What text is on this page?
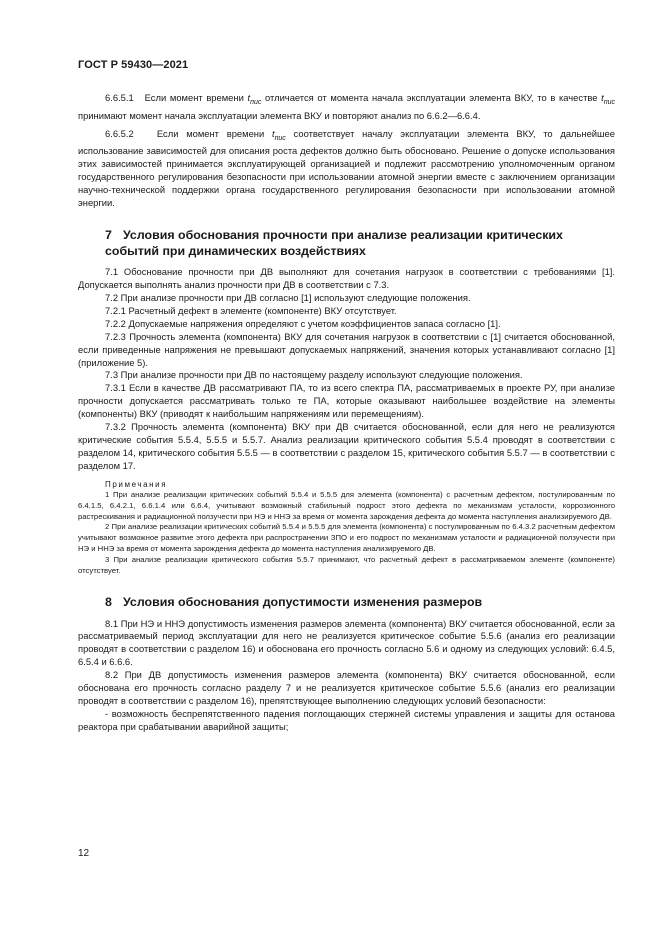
ГОСТ Р 59430—2021

6.6.5.1   Если момент времени $t_{пис}$ отличается от момента начала эксплуатации элемента ВКУ, то в качестве $t_{пис}$ принимают момент начала эксплуатации элемента ВКУ и повторяют анализ по 6.6.2—6.6.4.

6.6.5.2   Если момент времени $t_{пис}$ соответствует началу эксплуатации элемента ВКУ, то дальнейшее использование зависимостей для описания роста дефектов должно быть обосновано. Решение о допуске использования этих зависимостей принимается эксплуатирующей организацией и подлежит рассмотрению уполномоченным органом государственного регулирования безопасности при использовании атомной энергии вместе с заключением организации научно-технической поддержки органа государственного регулирования безопасности при использовании атомной энергии.

7 Условия обоснования прочности при анализе реализации критических событий при динамических воздействиях

7.1 Обоснование прочности при ДВ выполняют для сочетания нагрузок в соответствии с требованиями [1]. Допускается выполнять анализ прочности при ДВ в соответствии с 7.3.

7.2 При анализе прочности при ДВ согласно [1] используют следующие положения.

7.2.1 Расчетный дефект в элементе (компоненте) ВКУ отсутствует.

7.2.2 Допускаемые напряжения определяют с учетом коэффициентов запаса согласно [1].

7.2.3 Прочность элемента (компонента) ВКУ для сочетания нагрузок в соответствии с [1] считается обоснованной, если приведенные напряжения не превышают допускаемых напряжений, значения которых устанавливают согласно [1] (приложение 5).

7.3 При анализе прочности при ДВ по настоящему разделу используют следующие положения.

7.3.1 Если в качестве ДВ рассматривают ПА, то из всего спектра ПА, рассматриваемых в проекте РУ, при анализе прочности допускается рассматривать только те ПА, которые оказывают наибольшее воздействие на элементы (компоненты) ВКУ (приводят к наибольшим напряжениям или перемещениям).

7.3.2 Прочность элемента (компонента) ВКУ при ДВ считается обоснованной, если для него не реализуются критические события 5.5.4, 5.5.5 и 5.5.7. Анализ реализации критического события 5.5.4 проводят в соответствии с разделом 14, критического события 5.5.5 — в соответствии с разделом 15, критического события 5.5.7 — в соответствии с разделом 17.

Примечания

1 При анализе реализации критических событий 5.5.4 и 5.5.5 для элемента (компонента) с расчетным дефектом, постулированным по 6.4.1.5, 6.4.2.1, 6.6.1.4 или 6.6.4, учитывают возможный стабильный подрост этого дефекта по механизмам усталости, коррозионного растрескивания и радиационной ползучести при НЭ и ННЭ за время от момента зарождения дефекта до момента наступления анализируемого ДВ.

2 При анализе реализации критических событий 5.5.4 и 5.5.5 для элемента (компонента) с постулированным по 6.4.3.2 расчетным дефектом учитывают возможное развитие этого дефекта при распространении ЗПО и его подрост по механизмам усталости и радиационной ползучести при НЭ и ННЭ за время от момента зарождения дефекта до момента наступления анализируемого ДВ.

3 При анализе реализации критического события 5.5.7 принимают, что расчетный дефект в рассматриваемом элементе (компоненте) отсутствует.

8 Условия обоснования допустимости изменения размеров

8.1 При НЭ и ННЭ допустимость изменения размеров элемента (компонента) ВКУ считается обоснованной, если за рассматриваемый период эксплуатации для него не реализуется критическое событие 5.5.6 (анализ его реализации проводят в соответствии с разделом 16) и обоснована его прочность согласно 5.6 и одному из следующих условий: 6.4.5, 6.5.4 и 6.6.6.

8.2 При ДВ допустимость изменения размеров элемента (компонента) ВКУ считается обоснованной, если обоснована его прочность согласно разделу 7 и не реализуется критическое событие 5.5.6 (анализ его реализации проводят в соответствии с разделом 16), препятствующее выполнению следующих условий безопасности:

- возможность беспрепятственного падения поглощающих стержней системы управления и защиты для останова реактора при срабатывании аварийной защиты;

12
